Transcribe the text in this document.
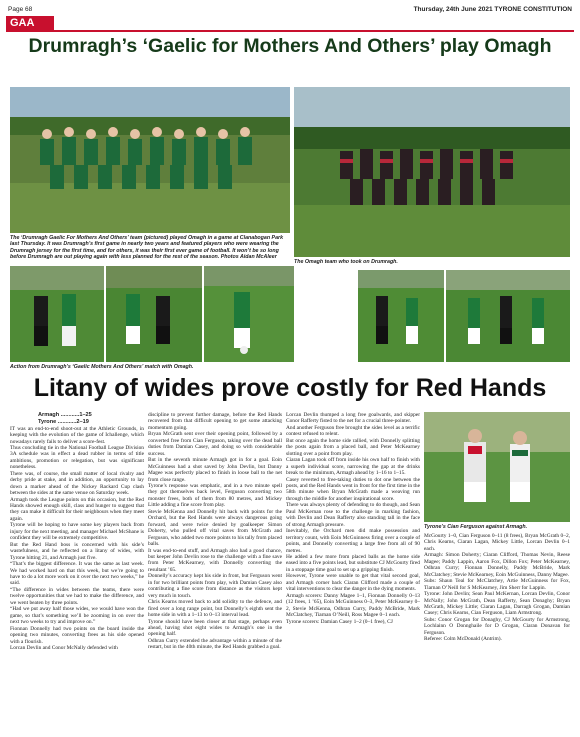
Page 68	Thursday, 24th June 2021 TYRONE CONSTITUTION
GAA
Drumragh’s ‘Gaelic for Mothers And Others’ play Omagh
The ‘Drumragh Gaelic For Mothers And Others’ team (pictured) played Omagh in a game at Clanabogan Park last Thursday. It was Drumragh’s first game in nearly two years and featured players who were wearing the Drumragh jersey for the first time, and for others, it was their first ever game of football. It won’t be so long before Drumragh are out playing again with less planned for the rest of the season. Photos Aidan McAleer
The Omagh team who took on Drumragh.
Action from Drumragh’s ‘Gaelic Mothers And Others’ match with Omagh.
Litany of wides prove costly for Red Hands
Armagh ............1–25
Tyrone ............2–19

IT was an end-to-end shoot-out at the Athletic Grounds, in keeping with the evolution of the game of Ichallenge, which nowadays rarely fails to deliver a score-fest.

Thus concluding tie in the National Football League Division 3A schedule was in effect a dead rubber in terms of title ambitions, promotion or relegation, but was significant nonetheless.

There was, of course, the small matter of local rivalry and derby pride at stake, and in addition, an opportunity to lay down a marker ahead of the Nickey Rackard Cup clash between the sides at the same venue on Saturday week.

Armagh took the League points on this occasion, but the Red Hands showed enough skill, class and hunger to suggest that they can make it difficult for their neighbours when they meet again.

Tyrone will be hoping to have some key players back from injury for the next meeting, and manager Michael McShane is confident they will be extremely competitive.

But the Red Hand boss is concerned with his side’s wastefulness, and he reflected on a litany of wides, with Tyrone hitting 21, and Armagh just five.

“That’s the biggest difference. It was the same as last week. We had worked hard on that this week, but we’re going to have to do a lot more work on it over the next two weeks,” he said.

“The difference in wides between the teams, there were twelve opportunities that we had to make the difference, and we went beaten by three points.

“Had we put away half those wides, we would have won the game, so that’s something we’ll be zooming in on over the next two weeks to try and improve on.”

Fionnan Donnelly had two points on the board inside the opening two minutes, converting frees as his side opened with a flourish.

Lorcan Devlin and Conor McNally defended with

discipline to prevent further damage, before the Red Hands recovered from that difficult opening to get some attacking momentum going.

Bryan McGrath sent over their opening point, followed by a converted free from Cian Ferguson, taking over the dead ball duties from Damian Casey, and doing so with considerable success.

But in the seventh minute Armagh got in for a goal. Eoin McGuinness had a shot saved by John Devlin, but Danny Magee was perfectly placed to finish in loose ball to the net from close range.

Tyrone’s response was emphatic, and in a two minute spell they got themselves back level, Ferguson converting two monster frees, both of them from 80 metres, and Mickey Little adding a fine score from play.

Stevie McKenna and Donnelly hit back with points for the Orchard, but the Red Hands were always dangerous going forward, and were twice denied by goalkeeper Simon Doherty, who pulled off vital saves from McGrath and Ferguson, who added two more points to his tally from placed balls.

It was end-to-end stuff, and Armagh also had a good chance, but keeper John Devlin rose to the challenge with a fine save from Peter McKearney, with Donnelly converting the resultant ’65.

Donnelly’s accuracy kept his side in front, but Ferguson went in for two brilliant points from play, with Damian Casey also contributing a fine score from distance as the visitors kept very much in touch.

Chris Kearns moved back to add solidity to the defence, and fired over a long range point, but Donnelly’s eighth sent the home side in with a 1–13 to 0–13 interval lead.

Tyrone should have been closer at that stage, perhaps even ahead, having shot eight wides to Armagh’s one in the opening half.

Odhran Curry extended the advantage within a minute of the restart, but in the 40th minute, the Red Hands grabbed a goal.

Lorcan Devlin thumped a long free goalwards, and skipper Conor Rafferty fisted to the net for a crucial three-pointer.

And another Ferguson free brought the sides level as a terrific contest refused to relent.

But once again the home side rallied, with Donnelly splitting the posts again from a placed ball, and Peter McKearney slotting over a point from play.

Ciaran Lagan took off from inside his own half to finish with a superb individual score, narrowing the gap at the drinks break to the minimum, Armagh ahead by 1–16 to 1–15.

Casey reverted to free-taking duties to dot one between the posts, and the Red Hands went in front for the first time in the 58th minute when Bryan McGrath made a weaving run through the middle for another inspirational score.

There was always plenty of defending to do though, and Sean Paul McKernan rose to the challenge in marking fashion, with Devlin and Dean Rafferty also standing tall in the face of strong Armagh pressure.

Inevitably, the Orchard men did make possession and territory count, with Eoin McGuinness firing over a couple of points, and Donnelly converting a large free from all of 90 metres.

He added a few more from placed balls as the home side eased into a five points lead, but substitute CJ McGourty fired in a stoppage time goal to set up a gripping finish.

However, Tyrone were unable to get that vital second goal, and Armagh corner back Ciaran Clifford made a couple of vital interventions to clear the danger in the dying moments.

Armagh scorers: Danny Magee 1–1, Fionnan Donnelly 0–13 (12 frees, 1 ’65), Eoin McGuinness 0–3, Peter McKearney 0–2, Stevie McKenna, Odhran Curry, Paddy McBride, Mark McClatchey, Tiarnan O’Neill, Ross Magee 0–1 each.

Tyrone scorers: Damian Casey 1–2 (0–1 free), CJ

Tyrone’s Cian Ferguson against Armagh.

McGourty 1–0, Cian Ferguson 0–11 (8 frees), Bryan McGrath 0–2, Chris Kearns, Ciaran Lagan, Mickey Little, Lorcan Devlin 0–1 each.

Armagh: Simon Doherty; Ciaran Clifford, Thomas Nevin, Reese Magee; Paddy Lappin, Aaron Fox, Dillon Fox; Peter McKearney, Odhran Curry; Fionnan Donnelly, Paddy McBride, Mark McClatchey; Stevie McKearney, Eoin McGuinness, Danny Magee.

Subs: Shaun Teal for McClatchey, Artie McGuinness for Fox, Tiarnan O’Neill for S McKearney, Jim Sherr for Lappin.

Tyrone: John Devlin; Sean Paul McKernan, Lorcan Devlin, Conor McNally; John McGrath, Dean Rafferty, Sean Donaghy; Bryan McGrath, Mickey Little; Ciaran Lagan, Darragh Grogan, Damian Casey; Chris Kearns, Cian Ferguson, Liam Armstrong.

Subs: Conor Grogan for Donaghy, CJ McGourty for Armstrong, Lochlainn O Donnghaile for D Grogan, Ciaran Donavan for Ferguson.

Referee: Colm McDonald (Antrim).
